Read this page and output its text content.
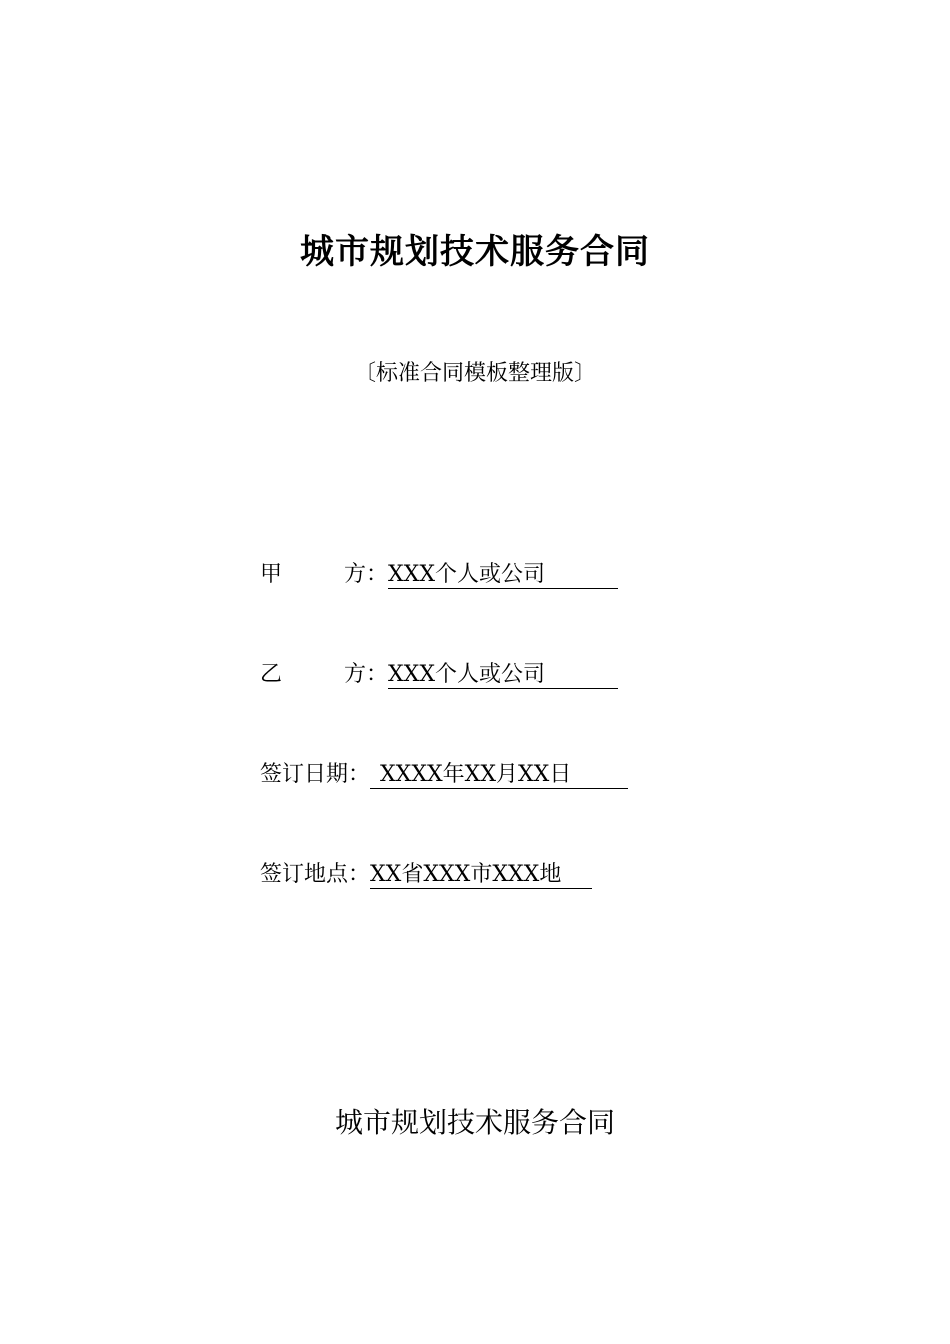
城市规划技术服务合同
〔标准合同模板整理版〕
甲	方： XXX个人或公司
乙	方： XXX个人或公司
签订日期： XXXX年XX月XX日
签订地点：XX省XXX市XXX地
城市规划技术服务合同
